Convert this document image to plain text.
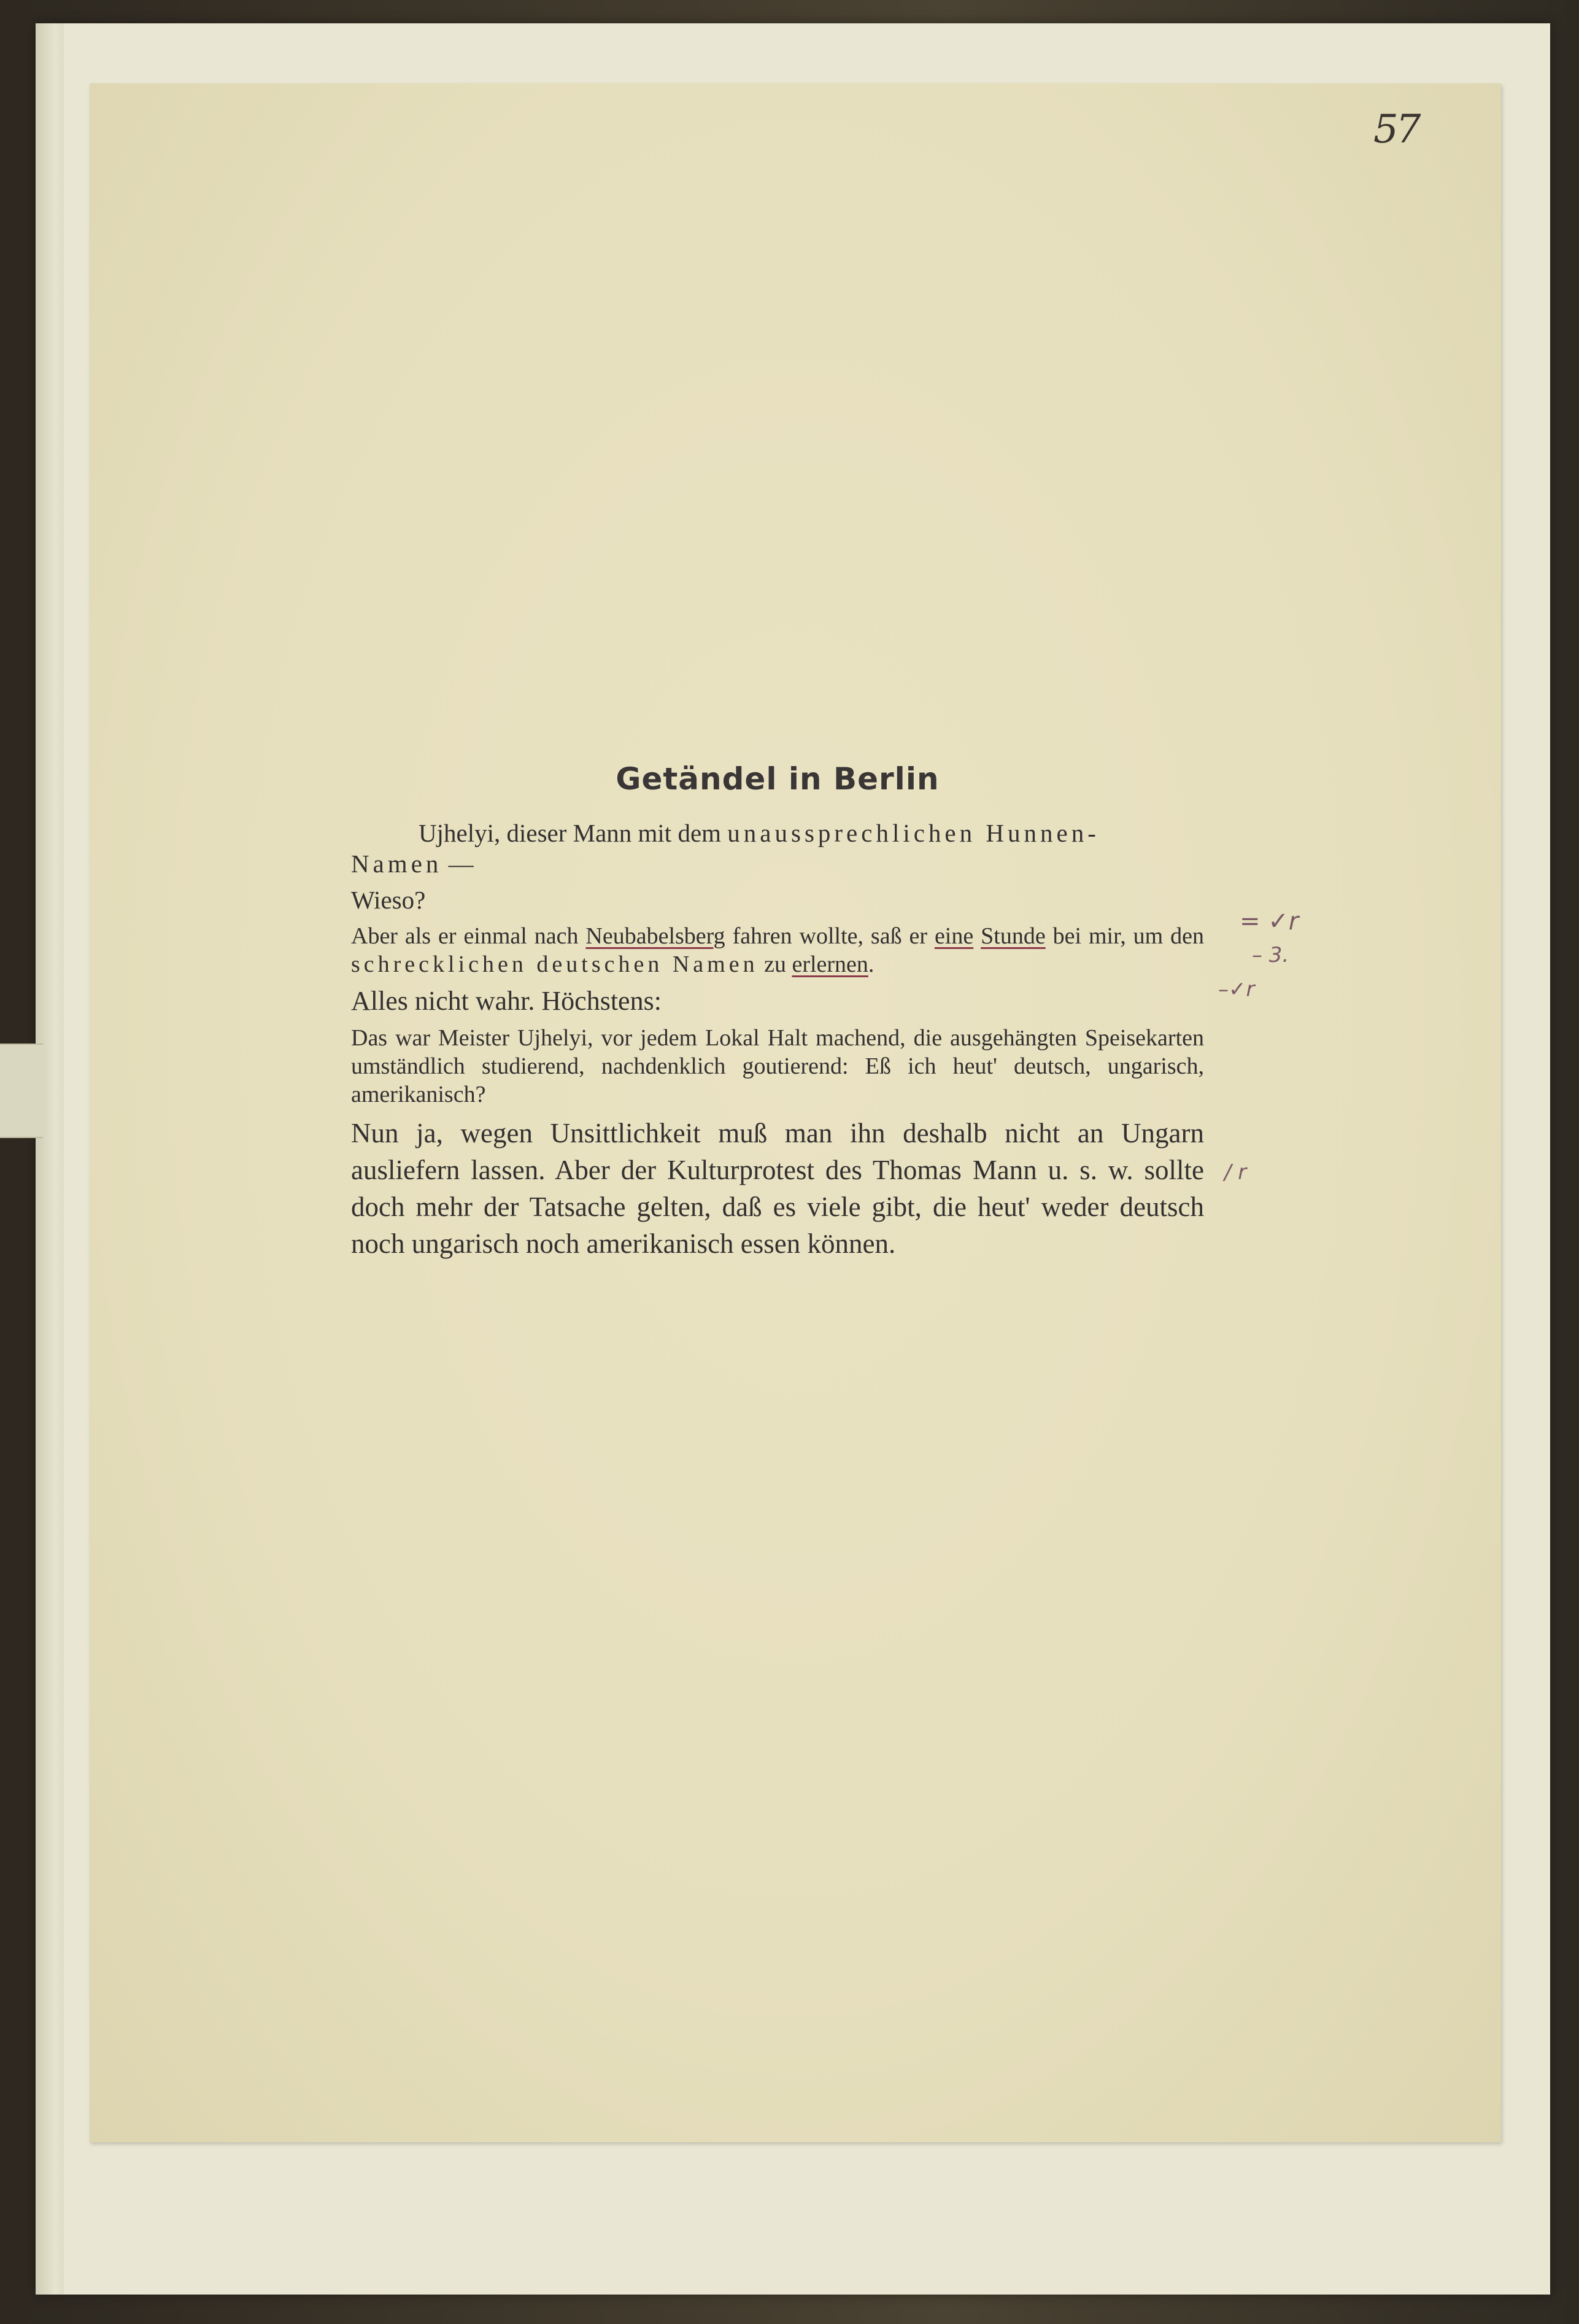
57
Getändel in Berlin

Ujhelyi, dieser Mann mit dem unaussprechlichen Hunnen-
Namen —

Wieso?

Aber als er einmal nach Neubabelsberg fahren wollte, saß er eine Stunde bei mir, um den schrecklichen deutschen Namen zu erlernen.

Alles nicht wahr. Höchstens:

Das war Meister Ujhelyi, vor jedem Lokal Halt machend, die ausgehängten Speisekarten umständlich studierend, nachdenklich goutierend: Eß ich heut' deutsch, ungarisch, amerikanisch?

Nun ja, wegen Unsittlichkeit muß man ihn deshalb nicht an Ungarn ausliefern lassen. Aber der Kulturprotest des Thomas Mann u. s. w. sollte doch mehr der Tatsache gelten, daß es viele gibt, die heut' weder deutsch noch ungarisch noch amerikanisch essen können.

= ✓r
– 3.
–✓r
/ r
